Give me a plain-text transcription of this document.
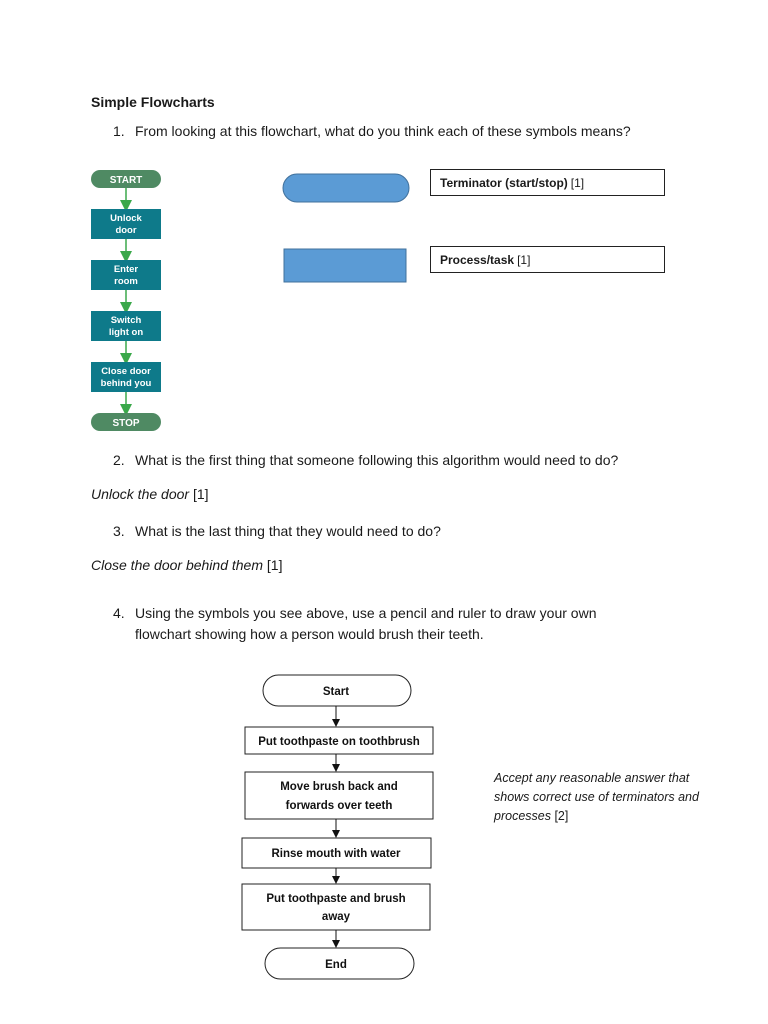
Simple Flowcharts
1. From looking at this flowchart, what do you think each of these symbols means?
START
Unlock
door
Enter
room
Switch
light on
Close door
behind you
STOP
Terminator (start/stop) [1]
Process/task [1]
2. What is the first thing that someone following this algorithm would need to do?
Unlock the door [1]
3. What is the last thing that they would need to do?
Close the door behind them [1]
4. Using the symbols you see above, use a pencil and ruler to draw your own
flowchart showing how a person would brush their teeth.
Start
Put toothpaste on toothbrush
Move brush back and
forwards over teeth
Rinse mouth with water
Put toothpaste and brush
away
End
Accept any reasonable answer that
shows correct use of terminators and
processes [2]
